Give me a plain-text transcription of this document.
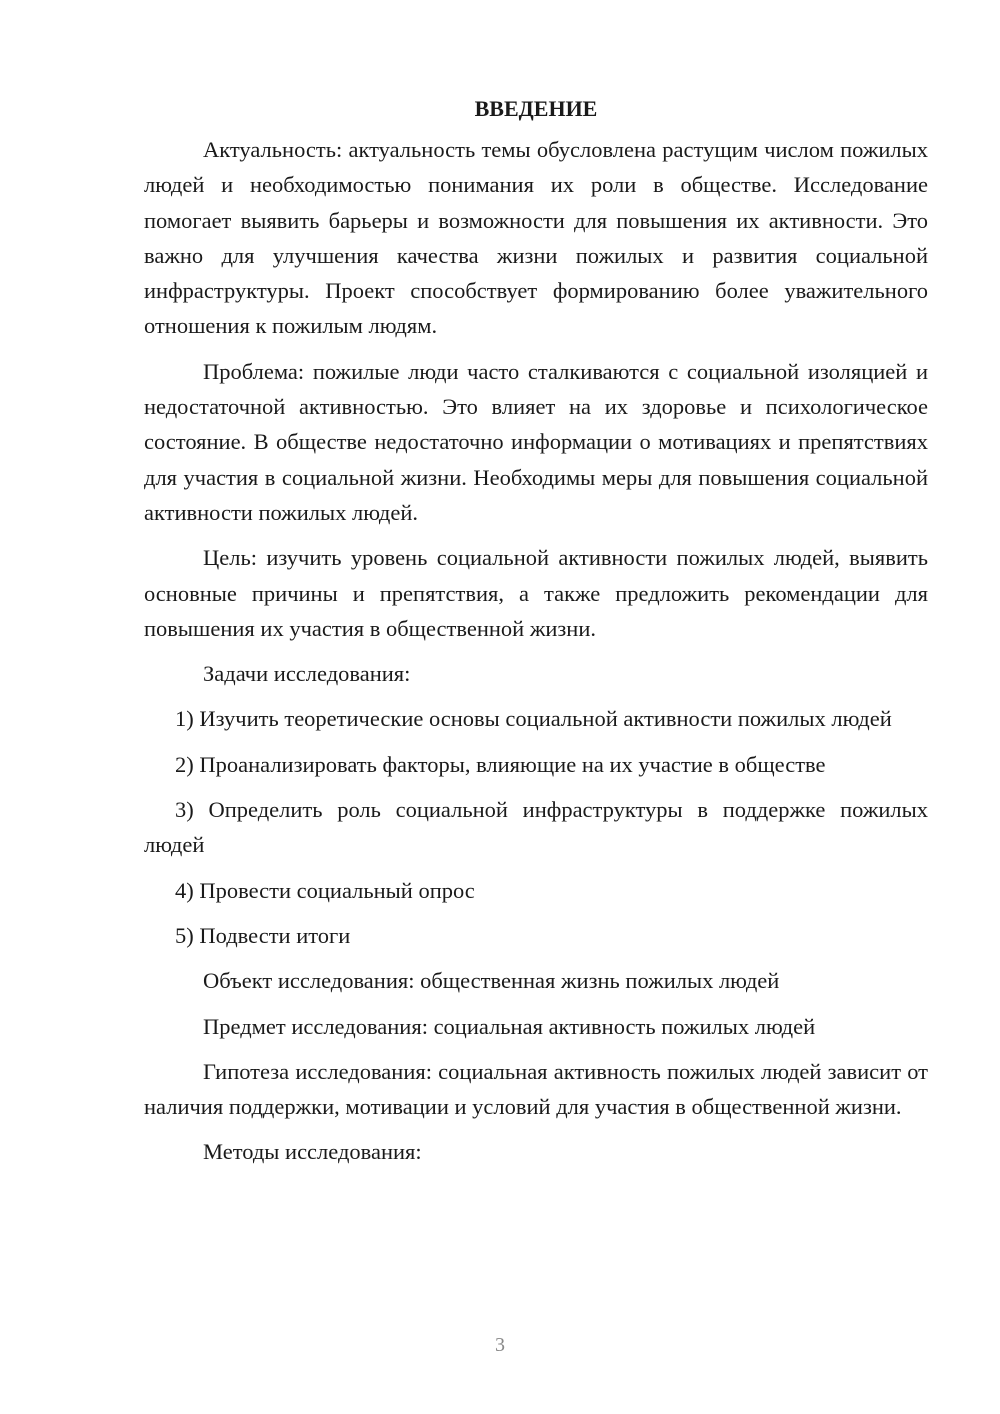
ВВЕДЕНИЕ

Актуальность: актуальность темы обусловлена растущим числом пожилых людей и необходимостью понимания их роли в обществе. Исследование помогает выявить барьеры и возможности для повышения их активности. Это важно для улучшения качества жизни пожилых и развития социальной инфраструктуры. Проект способствует формированию более уважительного отношения к пожилым людям.

Проблема: пожилые люди часто сталкиваются с социальной изоляцией и недостаточной активностью. Это влияет на их здоровье и психологическое состояние. В обществе недостаточно информации о мотивациях и препятствиях для участия в социальной жизни. Необходимы меры для повышения социальной активности пожилых людей.

Цель: изучить уровень социальной активности пожилых людей, выявить основные причины и препятствия, а также предложить рекомендации для повышения их участия в общественной жизни.

Задачи исследования:

1) Изучить теоретические основы социальной активности пожилых людей

2) Проанализировать факторы, влияющие на их участие в обществе

3) Определить роль социальной инфраструктуры в поддержке пожилых людей

4) Провести социальный опрос

5) Подвести итоги

Объект исследования: общественная жизнь пожилых людей

Предмет исследования: социальная активность пожилых людей

Гипотеза исследования: социальная активность пожилых людей зависит от наличия поддержки, мотивации и условий для участия в общественной жизни.

Методы исследования:

3
